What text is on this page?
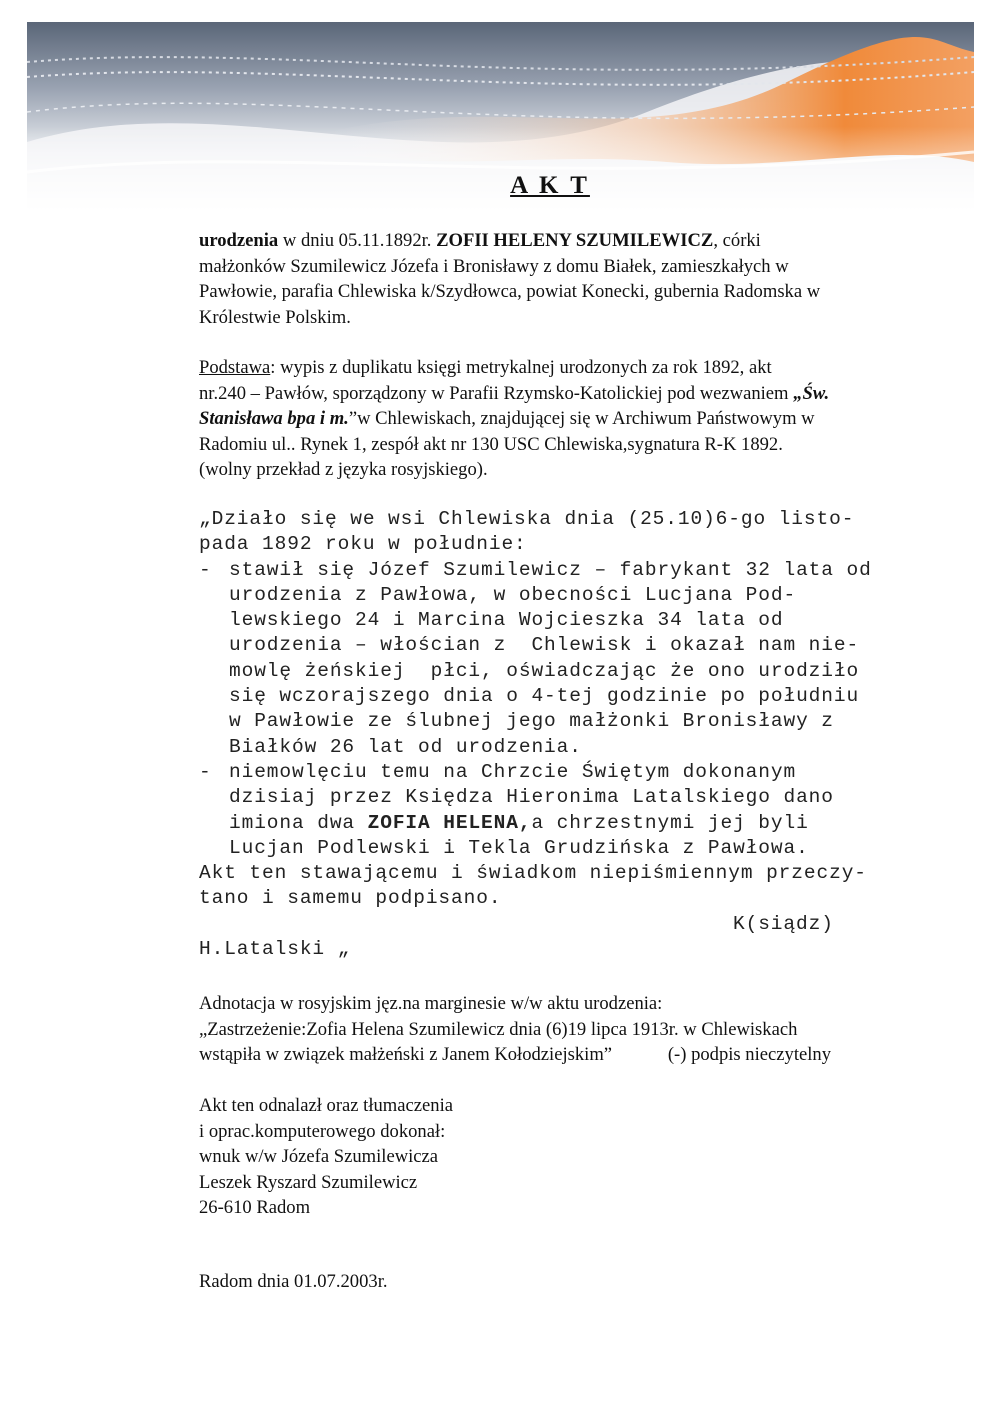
A K T

urodzenia w dniu 05.11.1892r. ZOFII HELENY SZUMILEWICZ, córki

małżonków Szumilewicz Józefa i Bronisławy z domu Białek, zamieszkałych w

Pawłowie, parafia Chlewiska k/Szydłowca, powiat Konecki, gubernia Radomska w

Królestwie Polskim.

Podstawa: wypis z duplikatu księgi metrykalnej urodzonych za rok 1892, akt

nr.240 – Pawłów, sporządzony w Parafii Rzymsko-Katolickiej pod wezwaniem „Św.

Stanisława bpa i m.”w Chlewiskach, znajdującej się w Archiwum Państwowym w

Radomiu ul.. Rynek 1, zespół akt nr 130 USC Chlewiska,sygnatura R-K 1892.

(wolny przekład z języka rosyjskiego).

„Działo się we wsi Chlewiska dnia (25.10)6-go listo-

pada 1892 roku w południe:

- stawił się Józef Szumilewicz – fabrykant 32 lata od

urodzenia z Pawłowa, w obecności Lucjana Pod-

lewskiego 24 i Marcina Wojcieszka 34 lata od

urodzenia – włościan z  Chlewisk i okazał nam nie-

mowlę żeńskiej  płci, oświadczając że ono urodziło

się wczorajszego dnia o 4-tej godzinie po południu

w Pawłowie ze ślubnej jego małżonki Bronisławy z

Białków 26 lat od urodzenia.

- niemowlęciu temu na Chrzcie Świętym dokonanym

dzisiaj przez Księdza Hieronima Latalskiego dano

imiona dwa ZOFIA HELENA,a chrzestnymi jej byli

Lucjan Podlewski i Tekla Grudzińska z Pawłowa.

Akt ten stawającemu i świadkom niepiśmiennym przeczy-

tano i samemu podpisano.

K(siądz)

H.Latalski „

Adnotacja w rosyjskim jęz.na marginesie w/w aktu urodzenia:

„Zastrzeżenie:Zofia Helena Szumilewicz dnia (6)19 lipca 1913r. w Chlewiskach

wstąpiła w związek małżeński z Janem Kołodziejskim”            (-) podpis nieczytelny

Akt ten odnalazł oraz tłumaczenia

i oprac.komputerowego dokonał:

wnuk w/w Józefa Szumilewicza

Leszek Ryszard Szumilewicz

26-610 Radom

Radom dnia 01.07.2003r.
